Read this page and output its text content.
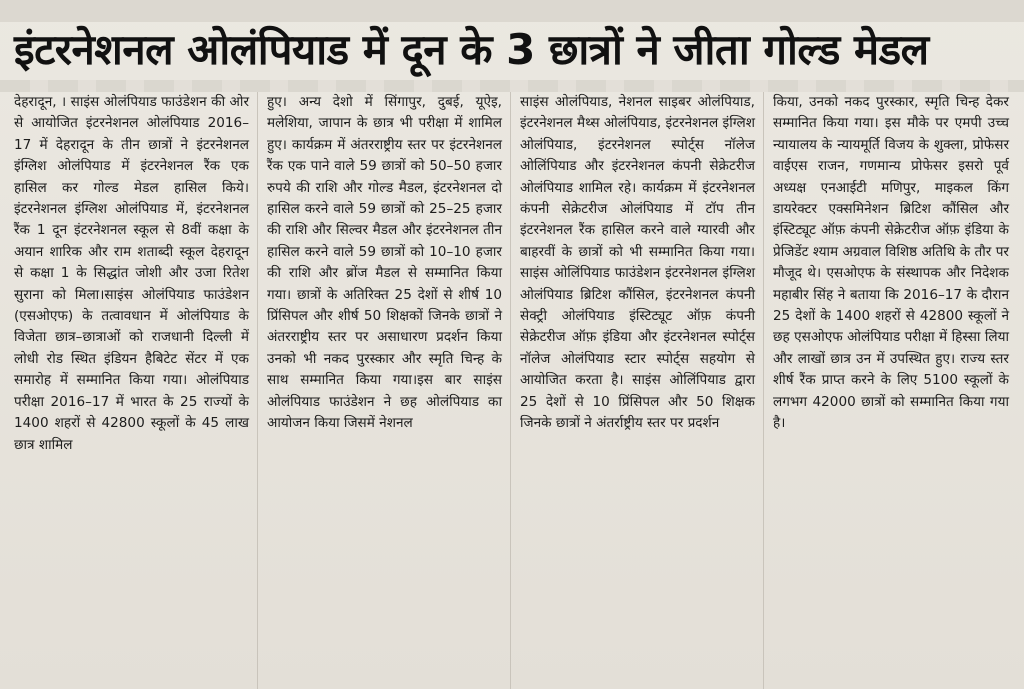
इंटरनेशनल ओलंपियाड में दून के 3 छात्रों ने जीता गोल्ड मेडल
देहरादून, । साइंस ओलंपियाड फाउंडेशन की ओर से आयोजित इंटरनेशनल ओलंपियाड 2016–17 में देहरादून के तीन छात्रों ने इंटरनेशनल इंग्लिश ओलंपियाड में इंटरनेशनल रैंक एक हासिल कर गोल्ड मेडल हासिल किये। इंटरनेशनल इंग्लिश ओलंपियाड में, इंटरनेशनल रैंक 1 दून इंटरनेशनल स्कूल से 8वीं कक्षा के अयान शारिक और राम शताब्दी स्कूल देहरादून से कक्षा 1 के सिद्धांत जोशी और उजा रितेश सुराना को मिला।साइंस ओलंपियाड फाउंडेशन (एसओएफ) के तत्वावधान में ओलंपियाड के विजेता छात्र–छात्राओं को राजधानी दिल्ली में लोधी रोड स्थित इंडियन हैबिटेट सेंटर में एक समारोह में सम्मानित किया गया। ओलंपियाड परीक्षा 2016–17 में भारत के 25 राज्यों के 1400 शहरों से 42800 स्कूलों के 45 लाख छात्र शामिल
हुए। अन्य देशो में सिंगापुर, दुबई, यूऐइ, मलेशिया, जापान के छात्र भी परीक्षा में शामिल हुए। कार्यक्रम में अंतरराष्ट्रीय स्तर पर इंटरनेशनल रैंक एक पाने वाले 59 छात्रों को 50–50 हजार रुपये की राशि और गोल्ड मैडल, इंटरनेशनल दो हासिल करने वाले 59 छात्रों को 25–25 हजार की राशि और सिल्वर मैडल और इंटरनेशनल तीन हासिल करने वाले 59 छात्रों को 10–10 हजार की राशि और ब्रोंज मैडल से सम्मानित किया गया। छात्रों के अतिरिक्त 25 देशों से शीर्ष 10 प्रिंसिपल और शीर्ष 50 शिक्षकों जिनके छात्रों ने अंतरराष्ट्रीय स्तर पर असाधारण प्रदर्शन किया उनको भी नकद पुरस्कार और स्मृति चिन्ह के साथ सम्मानित किया गया।इस बार साइंस ओलंपियाड फाउंडेशन ने छह ओलंपियाड का आयोजन किया जिसमें नेशनल
साइंस ओलंपियाड, नेशनल साइबर ओलंपियाड, इंटरनेशनल मैथ्स ओलंपियाड, इंटरनेशनल इंग्लिश ओलंपियाड, इंटरनेशनल स्पोर्ट्स नॉलेज ओलिंपियाड और इंटरनेशनल कंपनी सेक्रेटरीज ओलंपियाड शामिल रहे। कार्यक्रम में इंटरनेशनल कंपनी सेक्रेटरीज ओलंपियाड में टॉप तीन इंटरनेशनल रैंक हासिल करने वाले ग्यारवी और बाहरवीं के छात्रों को भी सम्मानित किया गया। साइंस ओलिंपियाड फाउंडेशन इंटरनेशनल इंग्लिश ओलंपियाड ब्रिटिश कौंसिल, इंटरनेशनल कंपनी सेक्ट्री ओलंपियाड इंस्टिट्यूट ऑफ़ कंपनी सेक्रेटरीज ऑफ़ इंडिया और इंटरनेशनल स्पोर्ट्स नॉलेज ओलंपियाड स्टार स्पोर्ट्स सहयोग से आयोजित करता है। साइंस ओलिंपियाड द्वारा 25 देशों से 10 प्रिंसिपल और 50 शिक्षक जिनके छात्रों ने अंतर्राष्ट्रीय स्तर पर प्रदर्शन
किया, उनको नकद पुरस्कार, स्मृति चिन्ह देकर सम्मानित किया गया। इस मौके पर एमपी उच्च न्यायालय के न्यायमूर्ति विजय के शुक्ला, प्रोफेसर वाईएस राजन, गणमान्य प्रोफेसर इसरो पूर्व अध्यक्ष एनआईटी मणिपुर, माइकल किंग डायरेक्टर एक्समिनेशन ब्रिटिश कौंसिल और इंस्टिट्यूट ऑफ़ कंपनी सेक्रेटरीज ऑफ़ इंडिया के प्रेजिडेंट श्याम अग्रवाल विशिष्ठ अतिथि के तौर पर मौजूद थे। एसओएफ के संस्थापक और निदेशक महाबीर सिंह ने बताया कि 2016–17 के दौरान 25 देशों के 1400 शहरों से 42800 स्कूलों ने छह एसओएफ ओलंपियाड परीक्षा में हिस्सा लिया और लाखों छात्र उन में उपस्थित हुए। राज्य स्तर शीर्ष रैंक प्राप्त करने के लिए 5100 स्कूलों के लगभग 42000 छात्रों को सम्मानित किया गया है।
